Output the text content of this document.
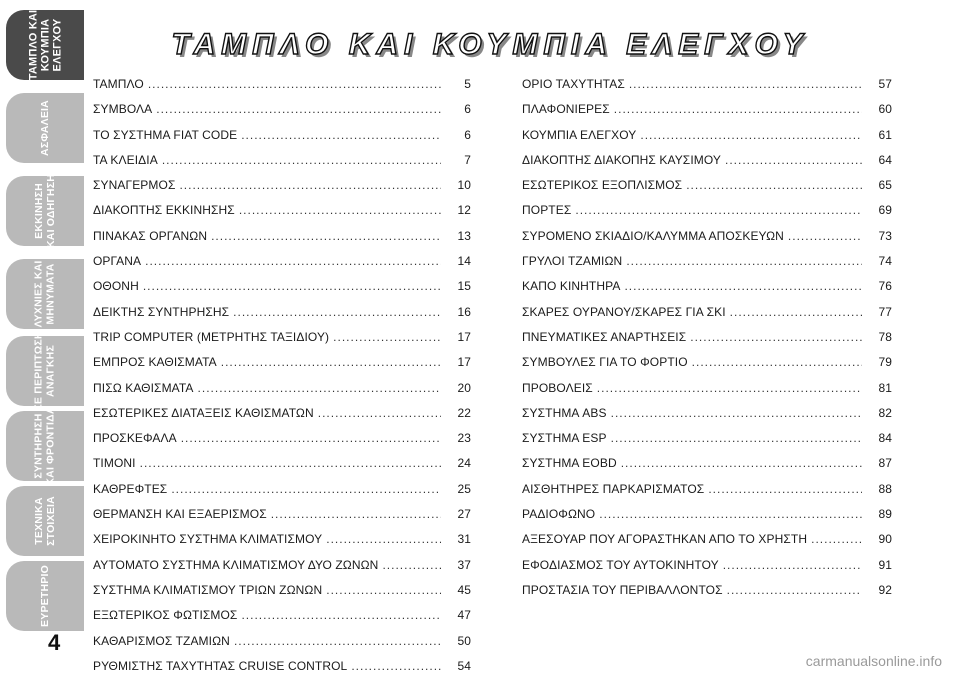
ΤΑΜΠΛΟ ΚΑΙ
ΚΟΥΜΠΙΑ
ΕΛΕΓΧΟΥ
ΑΣΦΑΛΕΙΑ
ΕΚΚΙΝΗΣΗ
ΚΑΙ ΟΔΗΓΗΣΗ
ΛΥΧΝΙΕΣ ΚΑΙ
ΜΗΝΥΜΑΤΑ
ΣΕ ΠΕΡΙΠΤΩΣΗ
ΑΝΑΓΚΗΣ
ΣΥΝΤΗΡΗΣΗ
ΚΑΙ ΦΡΟΝΤΙΔΑ
ΤΕΧΝΙΚΑ
ΣΤΟΙΧΕΙΑ
ΕΥΡΕΤΗΡΙΟ
4
ΤΑΜΠΛΟ ΚΑΙ ΚΟΥΜΠΙΑ ΕΛΕΓΧΟΥ
ΤΑΜΠΛΟ .....	5
ΣΥΜΒΟΛΑ .....	6
ΤΟ ΣΥΣΤΗΜΑ FIAT CODE .....	6
ΤΑ ΚΛΕΙΔΙΑ .....	7
ΣΥΝΑΓΕΡΜΟΣ .....	10
ΔΙΑΚΟΠΤΗΣ ΕΚΚΙΝΗΣΗΣ .....	12
ΠΙΝΑΚΑΣ ΟΡΓΑΝΩΝ .....	13
ΟΡΓΑΝΑ .....	14
ΟΘΟΝΗ .....	15
ΔΕΙΚΤΗΣ ΣΥΝΤΗΡΗΣΗΣ .....	16
TRIP COMPUTER (ΜΕΤΡΗΤΗΣ ΤΑΞΙΔΙΟΥ) .....	17
ΕΜΠΡΟΣ ΚΑΘΙΣΜΑΤΑ .....	17
ΠΙΣΩ ΚΑΘΙΣΜΑΤΑ .....	20
ΕΣΩΤΕΡΙΚΕΣ ΔΙΑΤΑΞΕΙΣ ΚΑΘΙΣΜΑΤΩΝ .....	22
ΠΡΟΣΚΕΦΑΛΑ .....	23
ΤΙΜΟΝΙ .....	24
ΚΑΘΡΕΦΤΕΣ .....	25
ΘΕΡΜΑΝΣΗ ΚΑΙ ΕΞΑΕΡΙΣΜΟΣ .....	27
ΧΕΙΡΟΚΙΝΗΤΟ ΣΥΣΤΗΜΑ ΚΛΙΜΑΤΙΣΜΟΥ .....	31
ΑΥΤΟΜΑΤΟ ΣΥΣΤΗΜΑ ΚΛΙΜΑΤΙΣΜΟΥ ΔΥΟ ΖΩΝΩΝ .....	37
ΣΥΣΤΗΜΑ ΚΛΙΜΑΤΙΣΜΟΥ ΤΡΙΩΝ ΖΩΝΩΝ .....	45
ΕΞΩΤΕΡΙΚΟΣ ΦΩΤΙΣΜΟΣ .....	47
ΚΑΘΑΡΙΣΜΟΣ ΤΖΑΜΙΩΝ .....	50
ΡΥΘΜΙΣΤΗΣ ΤΑΧΥΤΗΤΑΣ CRUISE CONTROL .....	54
ΟΡΙΟ ΤΑΧΥΤΗΤΑΣ .....	57
ΠΛΑΦΟΝΙΕΡΕΣ .....	60
ΚΟΥΜΠΙΑ ΕΛΕΓΧΟΥ .....	61
ΔΙΑΚΟΠΤΗΣ ΔΙΑΚΟΠΗΣ ΚΑΥΣΙΜΟΥ .....	64
ΕΣΩΤΕΡΙΚΟΣ ΕΞΟΠΛΙΣΜΟΣ .....	65
ΠΟΡΤΕΣ .....	69
ΣΥΡΟΜΕΝΟ ΣΚΙΑΔΙΟ/ΚΑΛΥΜΜΑ ΑΠΟΣΚΕΥΩΝ .....	73
ΓΡΥΛΟΙ ΤΖΑΜΙΩΝ .....	74
ΚΑΠΟ ΚΙΝΗΤΗΡΑ .....	76
ΣΚΑΡΕΣ ΟΥΡΑΝΟΥ/ΣΚΑΡΕΣ ΓΙΑ ΣΚΙ .....	77
ΠΝΕΥΜΑΤΙΚΕΣ ΑΝΑΡΤΗΣΕΙΣ .....	78
ΣΥΜΒΟΥΛΕΣ ΓΙΑ ΤΟ ΦΟΡΤΙΟ .....	79
ΠΡΟΒΟΛΕΙΣ .....	81
ΣΥΣΤΗΜΑ ABS .....	82
ΣΥΣΤΗΜΑ ESP .....	84
ΣΥΣΤΗΜΑ EOBD .....	87
ΑΙΣΘΗΤΗΡΕΣ ΠΑΡΚΑΡΙΣΜΑΤΟΣ .....	88
ΡΑΔΙΟΦΩΝΟ .....	89
ΑΞΕΣΟΥΑΡ ΠΟΥ ΑΓΟΡΑΣΤΗΚΑΝ ΑΠΟ ΤΟ ΧΡΗΣΤΗ .....	90
ΕΦΟΔΙΑΣΜΟΣ ΤΟΥ ΑΥΤΟΚΙΝΗΤΟΥ .....	91
ΠΡΟΣΤΑΣΙΑ ΤΟΥ ΠΕΡΙΒΑΛΛΟΝΤΟΣ .....	92
carmanualsonline.info
